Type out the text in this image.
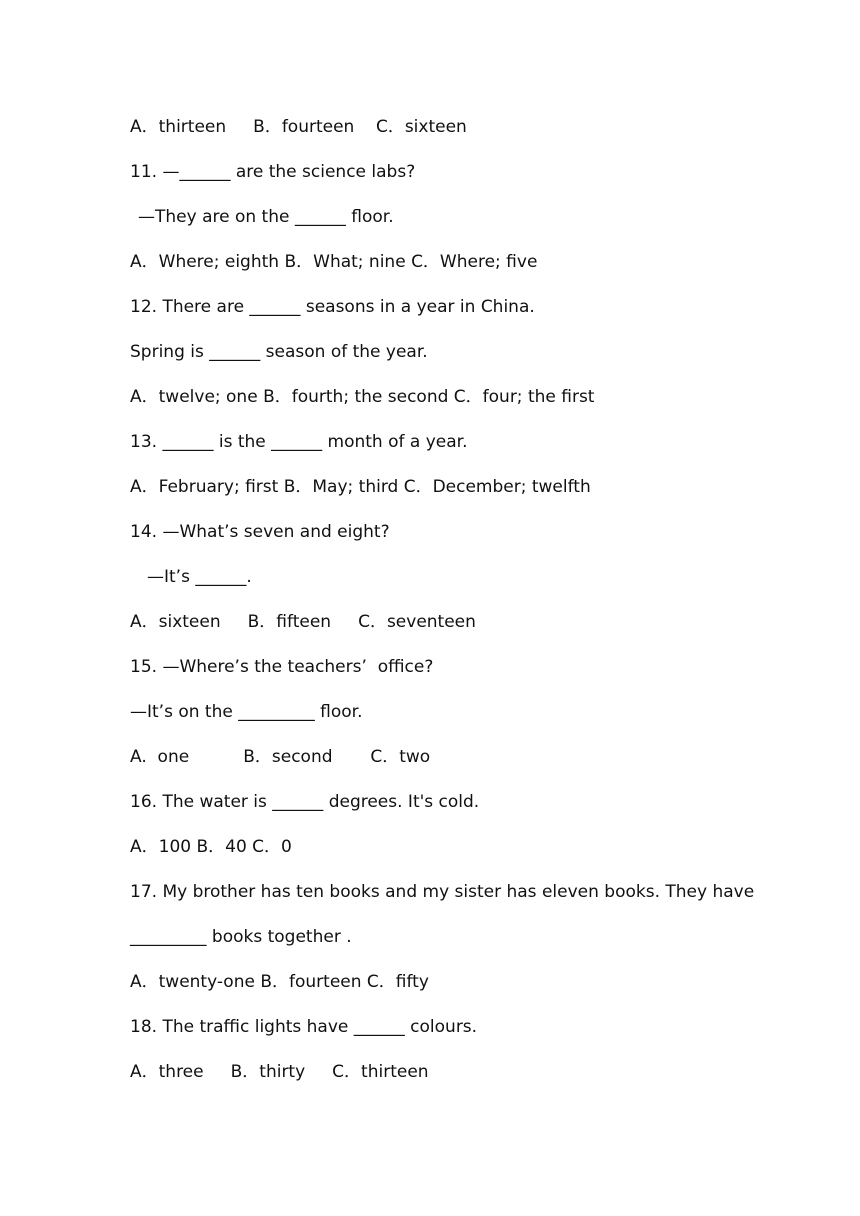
A．thirteen     B．fourteen    C．sixteen
11. —______ are the science labs?
—They are on the ______ floor.
A．Where; eighth B．What; nine C．Where; five
12. There are ______ seasons in a year in China.
Spring is ______ season of the year.
A．twelve; one B．fourth; the second C．four; the first
13. ______ is the ______ month of a year.
A．February; first B．May; third C．December; twelfth
14. —What’s seven and eight?
—It’s ______.
A．sixteen     B．fifteen     C．seventeen
15. —Where’s the teachers’  office?
—It’s on the _________ floor.
A.  one          B．second       C．two
16. The water is ______ degrees. It's cold.
A．100 B．40 C．0
17. My brother has ten books and my sister has eleven books. They have
_________ books together .
A．twenty-one B．fourteen C．fifty
18. The traffic lights have ______ colours.
A．three     B．thirty     C．thirteen
